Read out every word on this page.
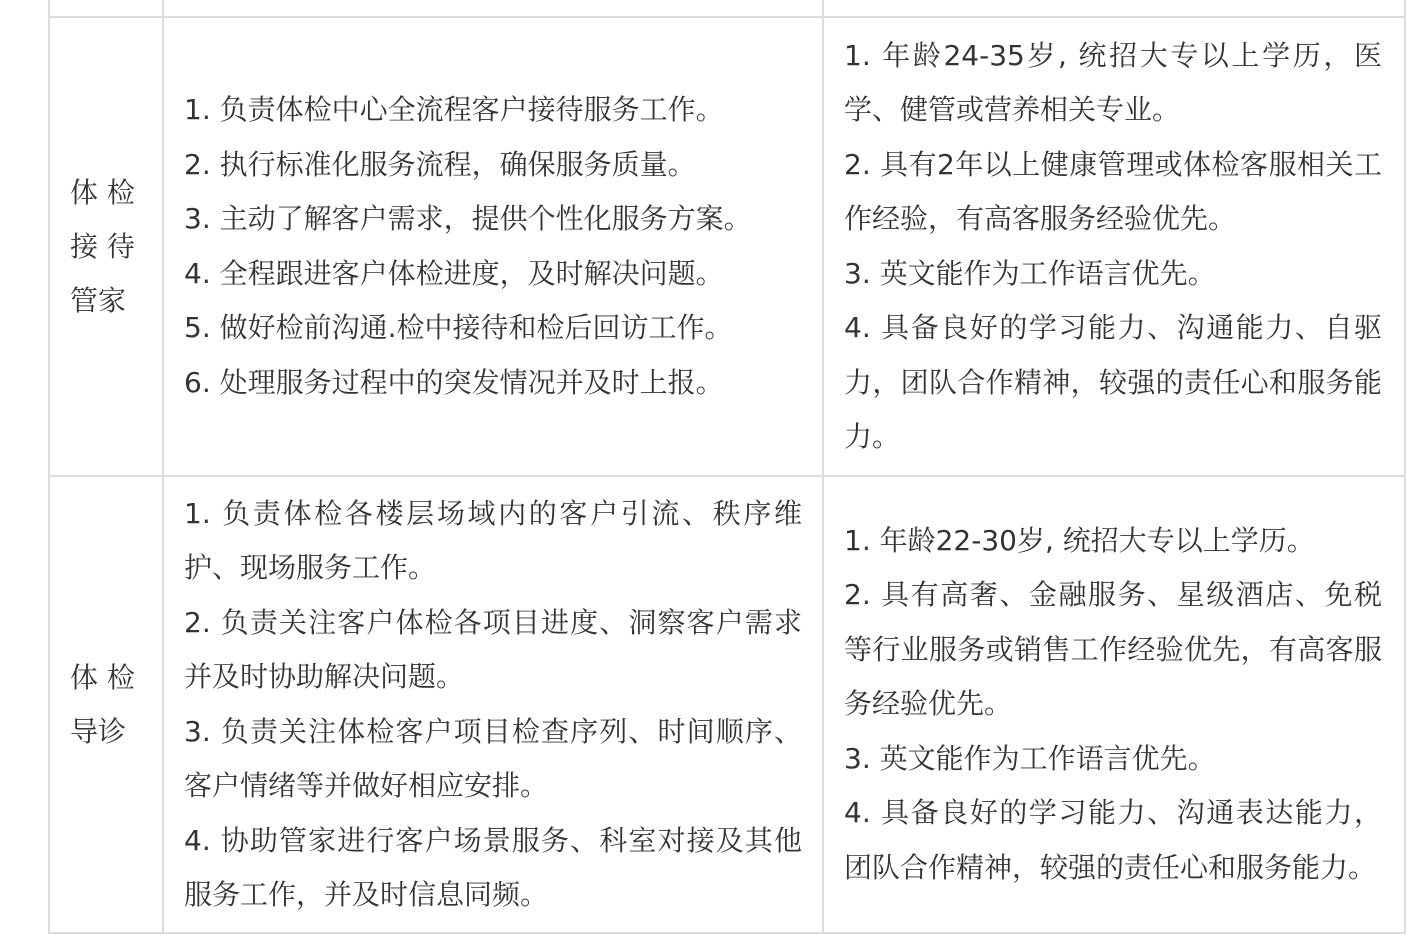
体 检 接 待 管家

1. 负责体检中心全流程客户接待服务工作。

2. 执行标准化服务流程，确保服务质量。

3. 主动了解客户需求，提供个性化服务方案。

4. 全程跟进客户体检进度，及时解决问题。

5. 做好检前沟通.检中接待和检后回访工作。

6. 处理服务过程中的突发情况并及时上报。

1. 年龄24-35岁, 统招大专以上学历，医学、健管或营养相关专业。

2. 具有2年以上健康管理或体检客服相关工作经验，有高客服务经验优先。

3. 英文能作为工作语言优先。

4. 具备良好的学习能力、沟通能力、自驱力，团队合作精神，较强的责任心和服务能力。

体 检 导诊

1. 负责体检各楼层场域内的客户引流、秩序维护、现场服务工作。

2. 负责关注客户体检各项目进度、洞察客户需求并及时协助解决问题。

3. 负责关注体检客户项目检查序列、时间顺序、客户情绪等并做好相应安排。

4. 协助管家进行客户场景服务、科室对接及其他服务工作，并及时信息同频。

1. 年龄22-30岁, 统招大专以上学历。

2. 具有高奢、金融服务、星级酒店、免税等行业服务或销售工作经验优先，有高客服务经验优先。

3. 英文能作为工作语言优先。

4. 具备良好的学习能力、沟通表达能力，团队合作精神，较强的责任心和服务能力。
